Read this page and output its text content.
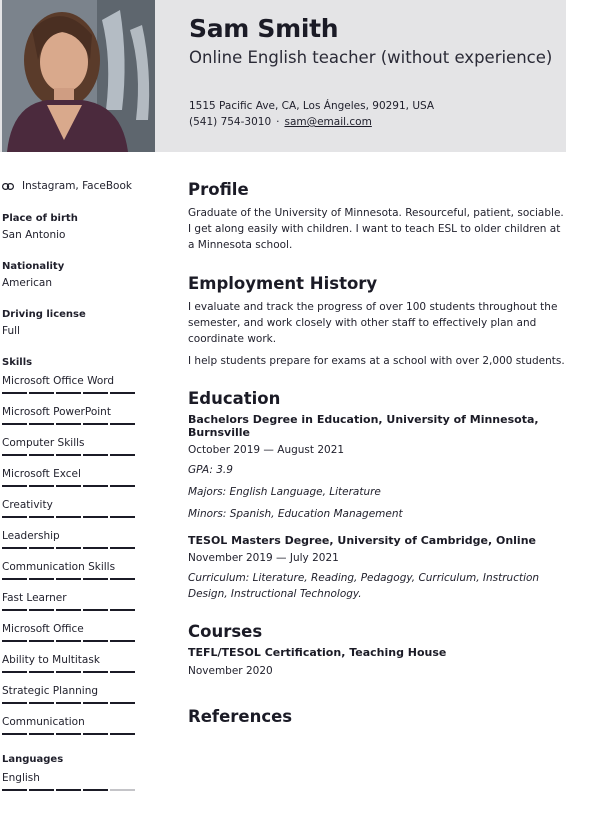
Sam Smith
Online English teacher (without experience)
1515 Pacific Ave, CA, Los Ángeles, 90291, USA
(541) 754-3010 · sam@email.com
Instagram, FaceBook
Place of birth
San Antonio
Nationality
American
Driving license
Full
Skills
Microsoft Office Word
Microsoft PowerPoint
Computer Skills
Microsoft Excel
Creativity
Leadership
Communication Skills
Fast Learner
Microsoft Office
Ability to Multitask
Strategic Planning
Communication
Languages
English
Profile
Graduate of the University of Minnesota. Resourceful, patient, sociable. I get along easily with children. I want to teach ESL to older children at a Minnesota school.
Employment History
I evaluate and track the progress of over 100 students throughout the semester, and work closely with other staff to effectively plan and coordinate work.
I help students prepare for exams at a school with over 2,000 students.
Education
Bachelors Degree in Education, University of Minnesota, Burnsville
October 2019 — August 2021
GPA: 3.9
Majors: English Language, Literature
Minors: Spanish, Education Management
TESOL Masters Degree, University of Cambridge, Online
November 2019 — July 2021
Curriculum: Literature, Reading, Pedagogy, Curriculum, Instruction Design, Instructional Technology.
Courses
TEFL/TESOL Certification, Teaching House
November 2020
References
